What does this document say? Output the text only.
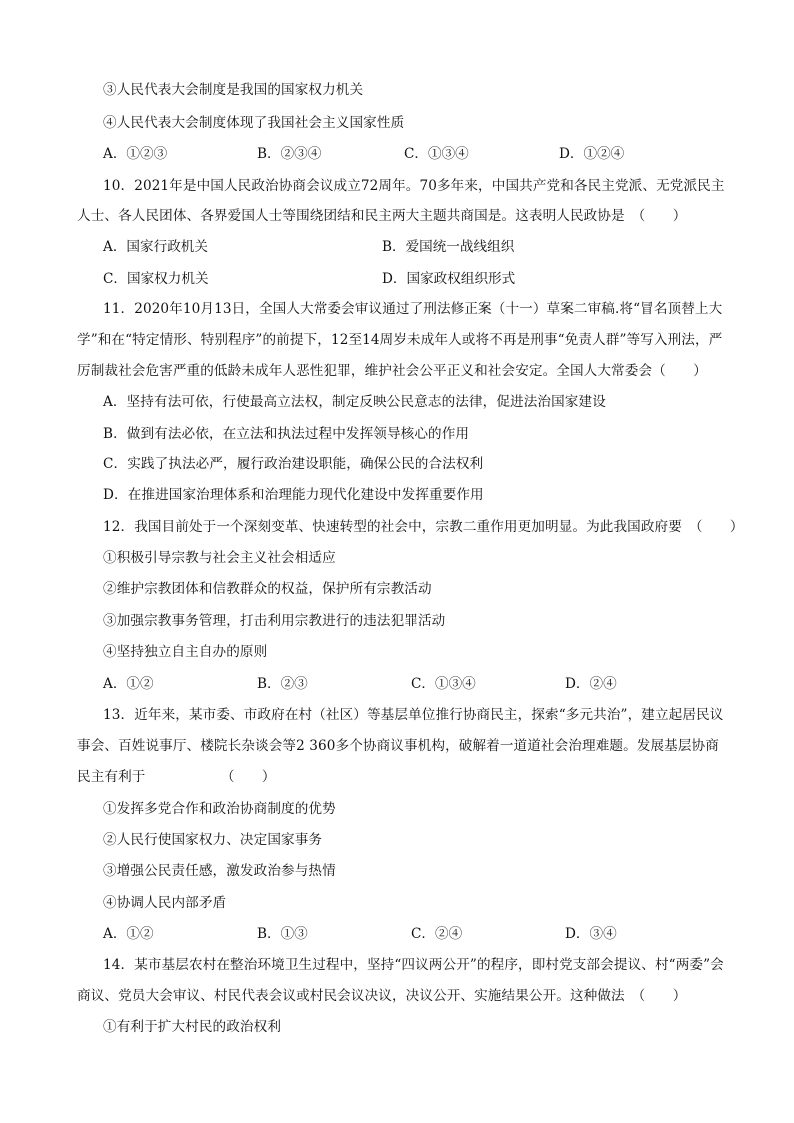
③人民代表大会制度是我国的国家权力机关
④人民代表大会制度体现了我国社会主义国家性质
A．①②③	B．②③④	C．①③④	D．①②④
10．2021年是中国人民政治协商会议成立72周年。70多年来，中国共产党和各民主党派、无党派民主
人士、各人民团体、各界爱国人士等围绕团结和民主两大主题共商国是。这表明人民政协是　（　　）
A．国家行政机关	B．爱国统一战线组织
C．国家权力机关	D．国家政权组织形式
11．2020年10月13日，全国人大常委会审议通过了刑法修正案（十一）草案二审稿.将“冒名顶替上大
学”和在“特定情形、特别程序”的前提下，12至14周岁未成年人或将不再是刑事“免责人群”等写入刑法，严
厉制裁社会危害严重的低龄未成年人恶性犯罪，维护社会公平正义和社会安定。全国人大常委会（　　）
A．坚持有法可依，行使最高立法权，制定反映公民意志的法律，促进法治国家建设
B．做到有法必依，在立法和执法过程中发挥领导核心的作用
C．实践了执法必严，履行政治建设职能，确保公民的合法权利
D．在推进国家治理体系和治理能力现代化建设中发挥重要作用
12．我国目前处于一个深刻变革、快速转型的社会中，宗教二重作用更加明显。为此我国政府要　（　　）
①积极引导宗教与社会主义社会相适应
②维护宗教团体和信教群众的权益，保护所有宗教活动
③加强宗教事务管理，打击利用宗教进行的违法犯罪活动
④坚持独立自主自办的原则
A．①②	B．②③	C．①③④	D．②④
13．近年来，某市委、市政府在村（社区）等基层单位推行协商民主，探索“多元共治”，建立起居民议
事会、百姓说事厅、楼院长杂谈会等2 360多个协商议事机构，破解着一道道社会治理难题。发展基层协商
民主有利于　　　　　　（　　）
①发挥多党合作和政治协商制度的优势
②人民行使国家权力、决定国家事务
③增强公民责任感，激发政治参与热情
④协调人民内部矛盾
A．①②	B．①③	C．②④	D．③④
14．某市基层农村在整治环境卫生过程中，坚持“四议两公开”的程序，即村党支部会提议、村“两委”会
商议、党员大会审议、村民代表会议或村民会议决议，决议公开、实施结果公开。这种做法　（　　）
①有利于扩大村民的政治权利
